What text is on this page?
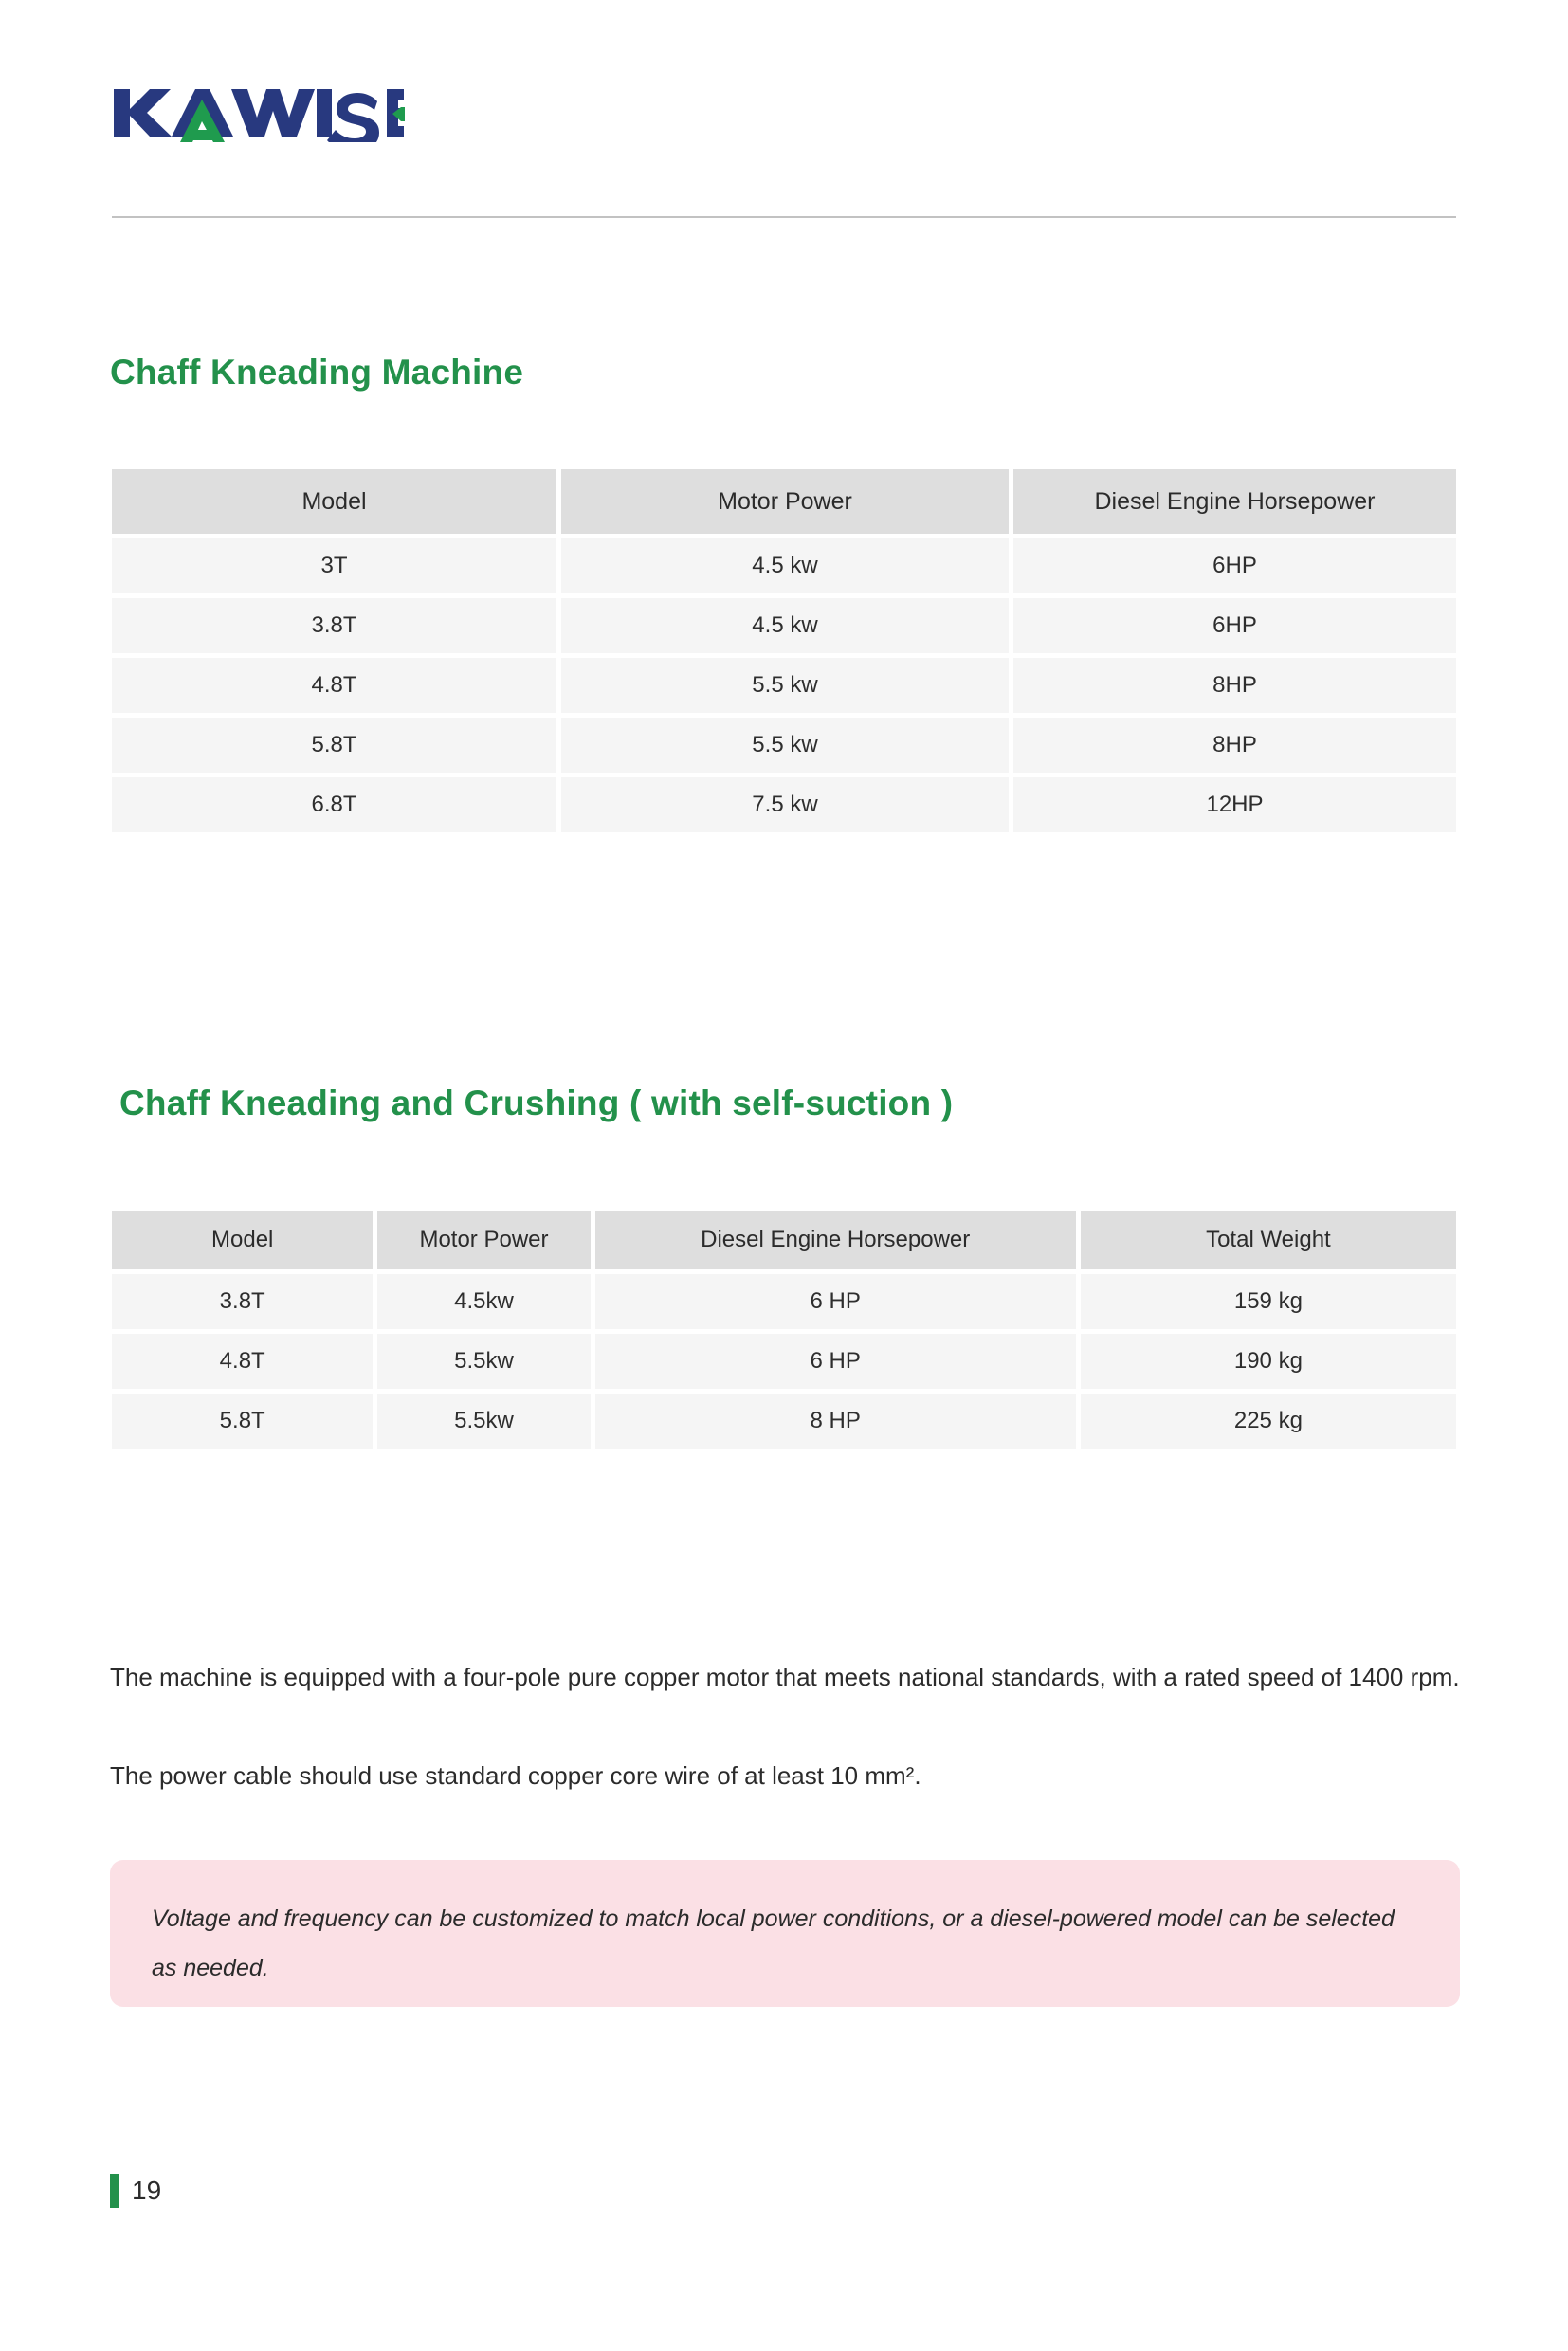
Chaff Kneading Machine
Model	Motor Power	Diesel Engine Horsepower
3T	4.5 kw	6HP
3.8T	4.5 kw	6HP
4.8T	5.5 kw	8HP
5.8T	5.5 kw	8HP
6.8T	7.5 kw	12HP
Chaff Kneading and Crushing ( with self-suction )
Model	Motor Power	Diesel Engine Horsepower	Total Weight
3.8T	4.5kw	6 HP	159 kg
4.8T	5.5kw	6 HP	190 kg
5.8T	5.5kw	8 HP	225 kg
The machine is equipped with a four-pole pure copper motor that meets national standards, with a rated speed of 1400 rpm.
The power cable should use standard copper core wire of at least 10 mm².

Voltage and frequency can be customized to match local power conditions, or a diesel-powered model can be selected as needed.

19
